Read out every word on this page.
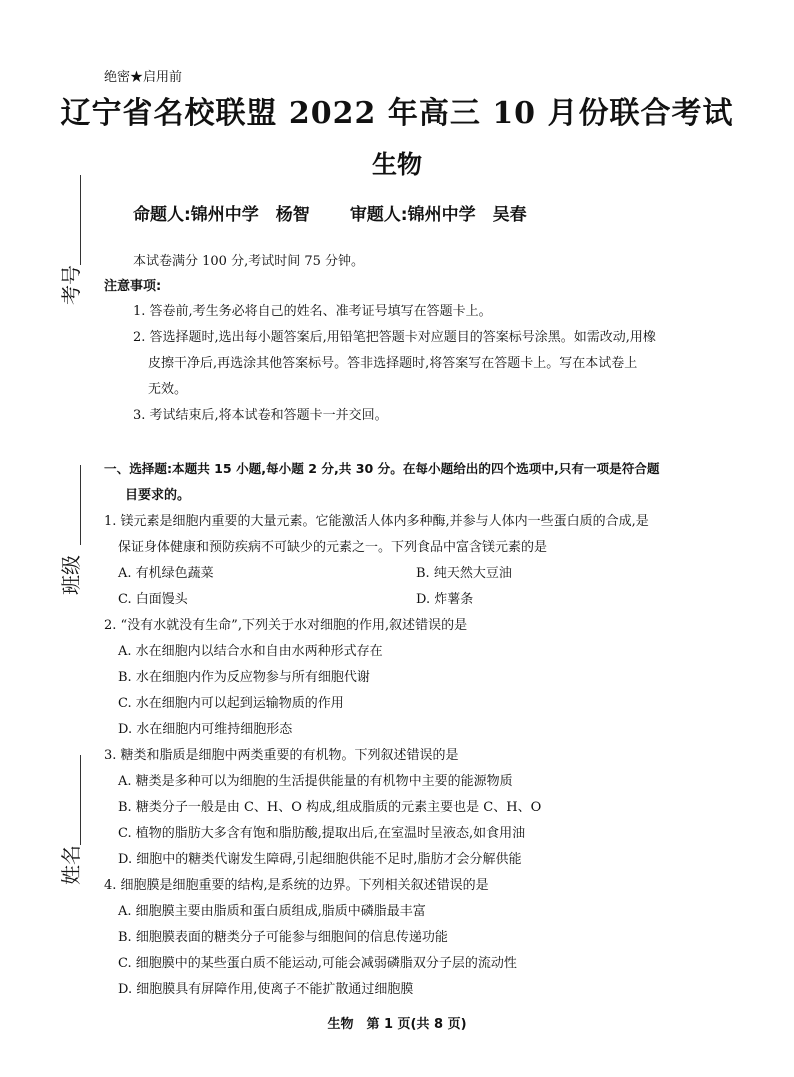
考号
班级
姓名
绝密★启用前
辽宁省名校联盟 2022 年高三 10 月份联合考试
生物
命题人:锦州中学　杨智 审题人:锦州中学　吴春
本试卷满分 100 分,考试时间 75 分钟。
注意事项:
1. 答卷前,考生务必将自己的姓名、准考证号填写在答题卡上。
2. 答选择题时,选出每小题答案后,用铅笔把答题卡对应题目的答案标号涂黑。如需改动,用橡
皮擦干净后,再选涂其他答案标号。答非选择题时,将答案写在答题卡上。写在本试卷上
无效。
3. 考试结束后,将本试卷和答题卡一并交回。
一、选择题:本题共 15 小题,每小题 2 分,共 30 分。在每小题给出的四个选项中,只有一项是符合题
目要求的。
1. 镁元素是细胞内重要的大量元素。它能激活人体内多种酶,并参与人体内一些蛋白质的合成,是
保证身体健康和预防疾病不可缺少的元素之一。下列食品中富含镁元素的是
A. 有机绿色蔬菜	B. 纯天然大豆油
C. 白面馒头	D. 炸薯条
2. “没有水就没有生命”,下列关于水对细胞的作用,叙述错误的是
A. 水在细胞内以结合水和自由水两种形式存在
B. 水在细胞内作为反应物参与所有细胞代谢
C. 水在细胞内可以起到运输物质的作用
D. 水在细胞内可维持细胞形态
3. 糖类和脂质是细胞中两类重要的有机物。下列叙述错误的是
A. 糖类是多种可以为细胞的生活提供能量的有机物中主要的能源物质
B. 糖类分子一般是由 C、H、O 构成,组成脂质的元素主要也是 C、H、O
C. 植物的脂肪大多含有饱和脂肪酸,提取出后,在室温时呈液态,如食用油
D. 细胞中的糖类代谢发生障碍,引起细胞供能不足时,脂肪才会分解供能
4. 细胞膜是细胞重要的结构,是系统的边界。下列相关叙述错误的是
A. 细胞膜主要由脂质和蛋白质组成,脂质中磷脂最丰富
B. 细胞膜表面的糖类分子可能参与细胞间的信息传递功能
C. 细胞膜中的某些蛋白质不能运动,可能会减弱磷脂双分子层的流动性
D. 细胞膜具有屏障作用,使离子不能扩散通过细胞膜
生物　第 1 页(共 8 页)
